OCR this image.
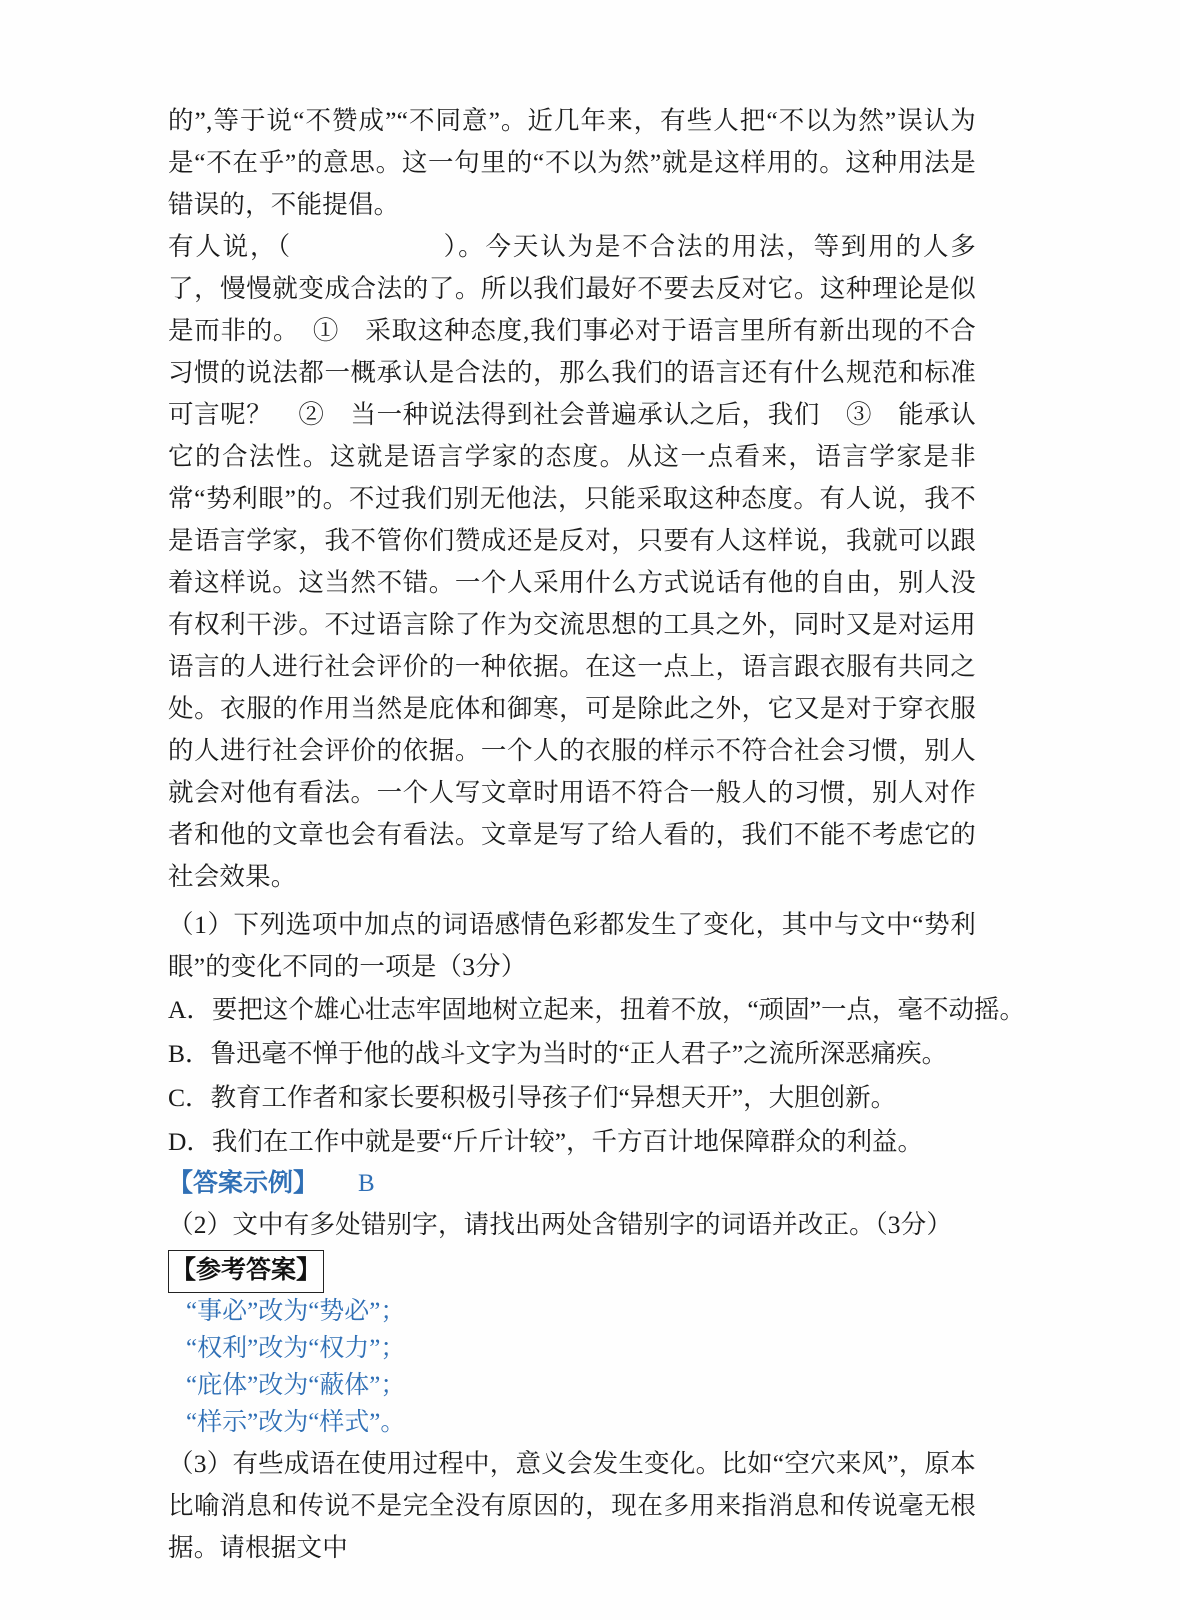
的”,等于说“不赞成”“不同意”。近几年来，有些人把“不以为然”误认为是“不在乎”的意思。这一句里的“不以为然”就是这样用的。这种用法是错误的，不能提倡。

有人说，（	）。今天认为是不合法的用法，等到用的人多了，慢慢就变成合法的了。所以我们最好不要去反对它。这种理论是似是而非的。　①　采取这种态度,我们事必对于语言里所有新出现的不合习惯的说法都一概承认是合法的，那么我们的语言还有什么规范和标准可言呢？　②　当一种说法得到社会普遍承认之后，我们　③　能承认它的合法性。这就是语言学家的态度。从这一点看来，语言学家是非常“势利眼”的。不过我们别无他法，只能采取这种态度。有人说，我不是语言学家，我不管你们赞成还是反对，只要有人这样说，我就可以跟着这样说。这当然不错。一个人采用什么方式说话有他的自由，别人没有权利干涉。不过语言除了作为交流思想的工具之外，同时又是对运用语言的人进行社会评价的一种依据。在这一点上，语言跟衣服有共同之处。衣服的作用当然是庇体和御寒，可是除此之外，它又是对于穿衣服的人进行社会评价的依据。一个人的衣服的样示不符合社会习惯，别人就会对他有看法。一个人写文章时用语不符合一般人的习惯，别人对作者和他的文章也会有看法。文章是写了给人看的，我们不能不考虑它的社会效果。

（1）下列选项中加点的词语感情色彩都发生了变化，其中与文中“势利眼”的变化不同的一项是（3分）

A．要把这个雄心壮志牢固地树立起来，扭着不放，“顽固”一点，毫不动摇。

B．鲁迅毫不惮于他的战斗文字为当时的“正人君子”之流所深恶痛疾。

C．教育工作者和家长要积极引导孩子们“异想天开”，大胆创新。

D．我们在工作中就是要“斤斤计较”，千方百计地保障群众的利益。

【答案示例】 B

（2）文中有多处错别字，请找出两处含错别字的词语并改正。（3分）

【参考答案】
“事必”改为“势必”；
“权利”改为“权力”；
“庇体”改为“蔽体”；
“样示”改为“样式”。

（3）有些成语在使用过程中，意义会发生变化。比如“空穴来风”，原本比喻消息和传说不是完全没有原因的，现在多用来指消息和传说毫无根据。请根据文中
